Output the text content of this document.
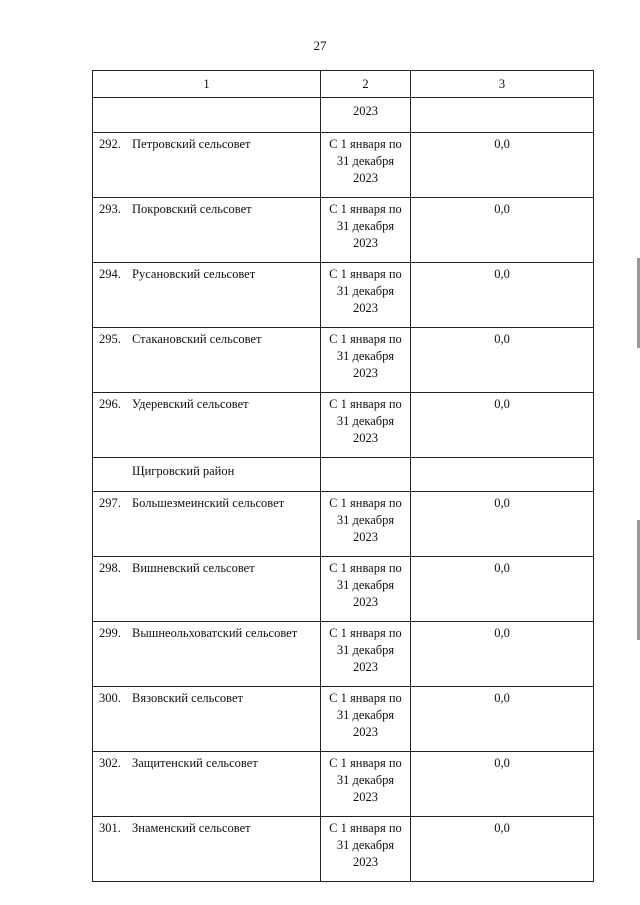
27
1	2	3
	2023	
292. Петровский сельсовет	С 1 января по
31 декабря
2023	0,0
293. Покровский сельсовет	С 1 января по
31 декабря
2023	0,0
294. Русановский сельсовет	С 1 января по
31 декабря
2023	0,0
295. Стакановский сельсовет	С 1 января по
31 декабря
2023	0,0
296. Удеревский сельсовет	С 1 января по
31 декабря
2023	0,0
Щигровский район		
297. Большезмеинский сельсовет	С 1 января по
31 декабря
2023	0,0
298. Вишневский сельсовет	С 1 января по
31 декабря
2023	0,0
299. Вышнеольховатский сельсовет	С 1 января по
31 декабря
2023	0,0
300. Вязовский сельсовет	С 1 января по
31 декабря
2023	0,0
302. Защитенский сельсовет	С 1 января по
31 декабря
2023	0,0
301. Знаменский сельсовет	С 1 января по
31 декабря
2023	0,0
